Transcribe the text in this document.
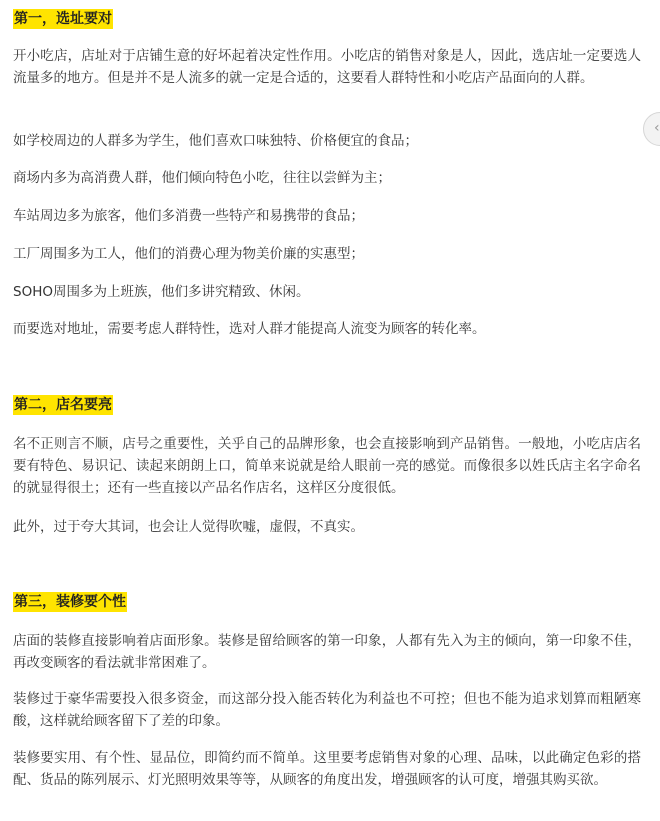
第一，选址要对

开小吃店，店址对于店铺生意的好坏起着决定性作用。小吃店的销售对象是人，因此，选店址一定要选人流量多的地方。但是并不是人流多的就一定是合适的，这要看人群特性和小吃店产品面向的人群。

如学校周边的人群多为学生，他们喜欢口味独特、价格便宜的食品；

商场内多为高消费人群，他们倾向特色小吃，往往以尝鲜为主；

车站周边多为旅客，他们多消费一些特产和易携带的食品；

工厂周围多为工人，他们的消费心理为物美价廉的实惠型；

SOHO周围多为上班族，他们多讲究精致、休闲。

而要选对地址，需要考虑人群特性，选对人群才能提高人流变为顾客的转化率。

第二，店名要亮

名不正则言不顺，店号之重要性，关乎自己的品牌形象，也会直接影响到产品销售。一般地，小吃店店名要有特色、易识记、读起来朗朗上口，简单来说就是给人眼前一亮的感觉。而像很多以姓氏店主名字命名的就显得很土；还有一些直接以产品名作店名，这样区分度很低。

此外，过于夸大其词，也会让人觉得吹嘘，虚假，不真实。

第三，装修要个性

店面的装修直接影响着店面形象。装修是留给顾客的第一印象，人都有先入为主的倾向，第一印象不佳，再改变顾客的看法就非常困难了。

装修过于豪华需要投入很多资金，而这部分投入能否转化为利益也不可控；但也不能为追求划算而粗陋寒酸，这样就给顾客留下了差的印象。

装修要实用、有个性、显品位，即简约而不简单。这里要考虑销售对象的心理、品味，以此确定色彩的搭配、货品的陈列展示、灯光照明效果等等，从顾客的角度出发，增强顾客的认可度，增强其购买欲。

‹
